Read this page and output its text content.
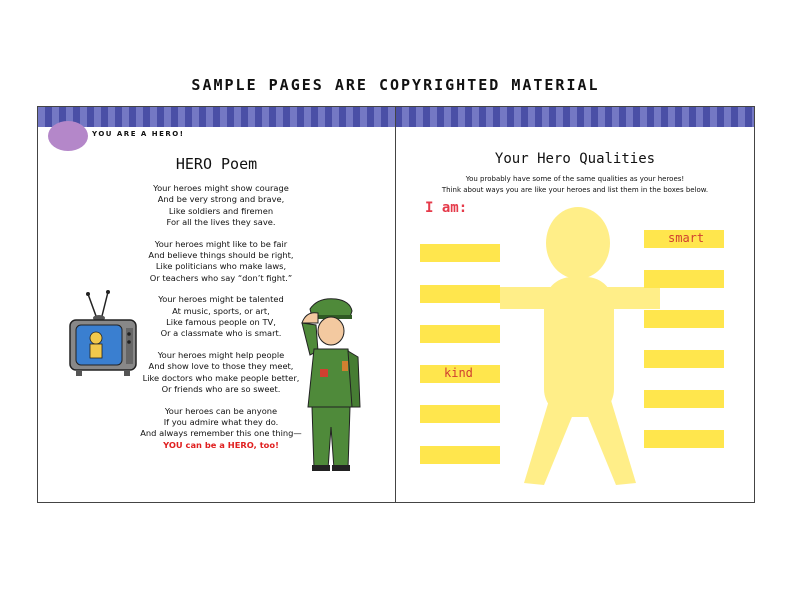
SAMPLE PAGES ARE COPYRIGHTED MATERIAL
YOU ARE A HERO!
HERO Poem
Your heroes might show courage
And be very strong and brave,
Like soldiers and firemen
For all the lives they save.
Your heroes might like to be fair
And believe things should be right,
Like politicians who make laws,
Or teachers who say “don’t fight.”
Your heroes might be talented
At music, sports, or art,
Like famous people on TV,
Or a classmate who is smart.
Your heroes might help people
And show love to those they meet,
Like doctors who make people better,
Or friends who are so sweet.
Your heroes can be anyone
If you admire what they do.
And always remember this one thing—
YOU can be a HERO, too!
Your Hero Qualities
You probably have some of the same qualities as your heroes!
Think about ways you are like your heroes and list them in the boxes below.
I am:
kind
smart
